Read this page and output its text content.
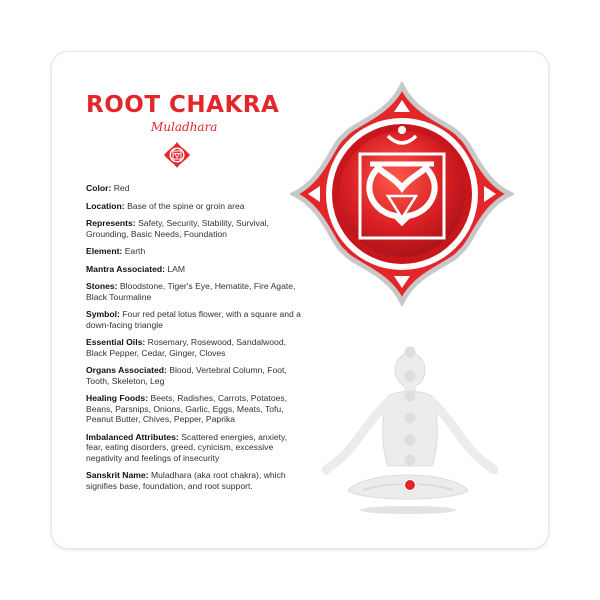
ROOT CHAKRA
Muladhara
Color: Red
Location: Base of the spine or groin area
Represents: Safety, Security, Stability, Survival, Grounding, Basic Needs, Foundation
Element: Earth
Mantra Associated: LAM
Stones: Bloodstone, Tiger's Eye, Hematite, Fire Agate, Black Tourmaline
Symbol: Four red petal lotus flower, with a square and a down-facing triangle
Essential Oils: Rosemary, Rosewood, Sandalwood, Black Pepper, Cedar, Ginger, Cloves
Organs Associated: Blood, Vertebral Column, Foot, Tooth, Skeleton, Leg
Healing Foods: Beets, Radishes, Carrots, Potatoes, Beans, Parsnips, Onions, Garlic, Eggs, Meats, Tofu, Peanut Butter, Chives, Pepper, Paprika
Imbalanced Attributes: Scattered energies, anxiety, fear, eating disorders, greed, cynicism, excessive negativity and feelings of insecurity
Sanskrit Name: Muladhara (aka root chakra), which signifies base, foundation, and root support.
